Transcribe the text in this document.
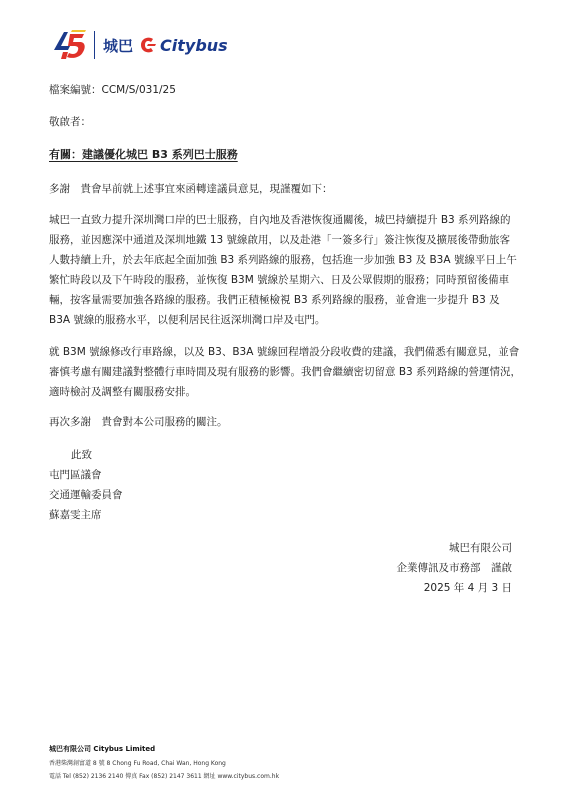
城巴 Citybus
檔案編號：CCM/S/031/25
敬啟者：
有關：建議優化城巴 B3 系列巴士服務
多謝　貴會早前就上述事宜來函轉達議員意見，現謹覆如下：
城巴一直致力提升深圳灣口岸的巴士服務，自內地及香港恢復通關後，城巴持續提升 B3 系列路線的
服務，並因應深中通道及深圳地鐵 13 號線啟用，以及赴港「一簽多行」簽注恢復及擴展後帶動旅客
人數持續上升，於去年底起全面加強 B3 系列路線的服務，包括進一步加強 B3 及 B3A 號線平日上午
繁忙時段以及下午時段的服務，並恢復 B3M 號線於星期六、日及公眾假期的服務；同時預留後備車
輛，按客量需要加強各路線的服務。我們正積極檢視 B3 系列路線的服務，並會進一步提升 B3 及
B3A 號線的服務水平，以便利居民往返深圳灣口岸及屯門。
就 B3M 號線修改行車路線，以及 B3、B3A 號線回程增設分段收費的建議，我們備悉有關意見，並會
審慎考慮有關建議對整體行車時間及現有服務的影響。我們會繼續密切留意 B3 系列路線的營運情況，
適時檢討及調整有關服務安排。
再次多謝　貴會對本公司服務的關注。
此致
屯門區議會
交通運輸委員會
蘇嘉雯主席
城巴有限公司
企業傳訊及市務部　謹啟
2025 年 4 月 3 日
城巴有限公司 Citybus Limited
香港柴灣創富道 8 號 8 Chong Fu Road, Chai Wan, Hong Kong
電話 Tel (852) 2136 2140 傳真 Fax (852) 2147 3611 網址 www.citybus.com.hk
